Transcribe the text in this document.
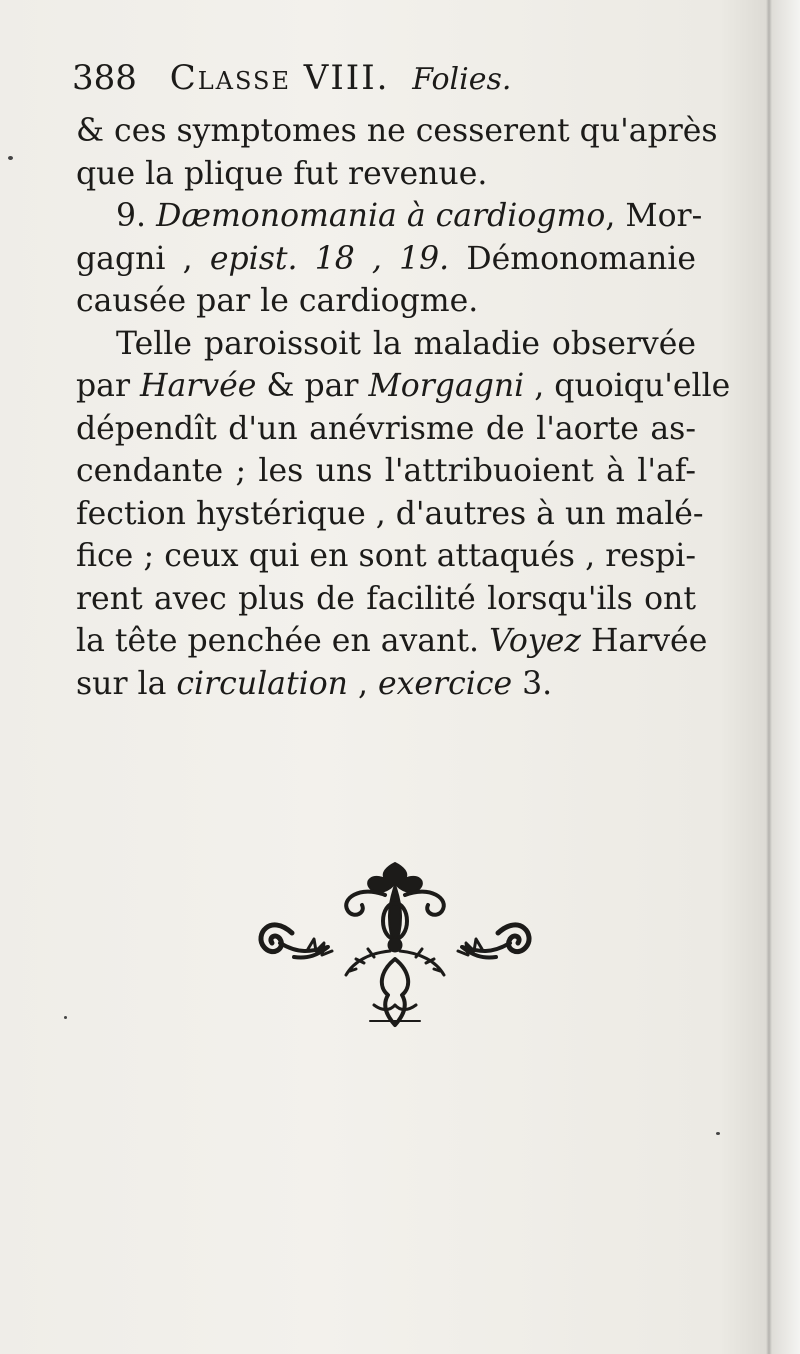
388 Classe VIII. Folies.
& ces symptomes ne cesserent qu'après
que la plique fut revenue.
9. Dæmonomania à cardiogmo, Mor-
gagni , epist. 18 , 19. Démonomanie
causée par le cardiogme.
Telle paroissoit la maladie observée
par Harvée & par Morgagni , quoiqu'elle
dépendît d'un anévrisme de l'aorte as-
cendante ; les uns l'attribuoient à l'af-
fection hystérique , d'autres à un malé-
fice ; ceux qui en sont attaqués , respi-
rent avec plus de facilité lorsqu'ils ont
la tête penchée en avant. Voyez Harvée
sur la circulation , exercice 3.
